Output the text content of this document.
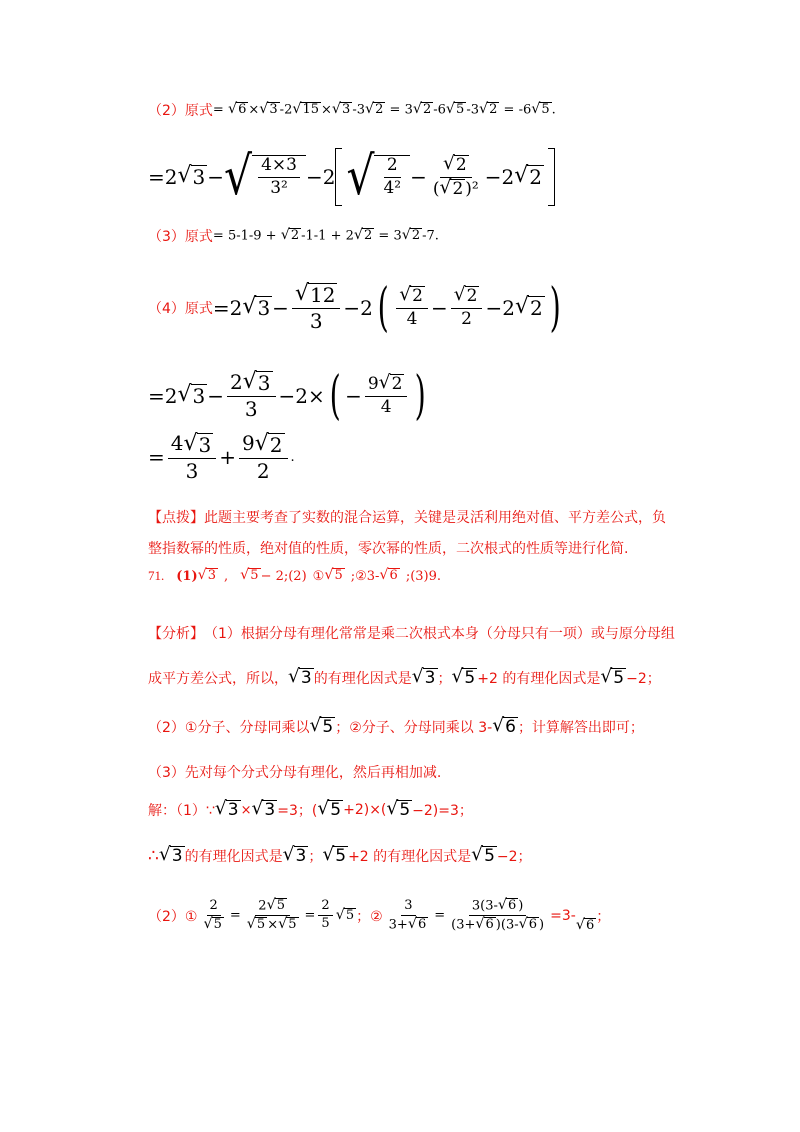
（2） 原式 = √ 6 × √ 3 -2 √ 15 × √ 3 -3 √ 2 = 3 √ 2 -6 √ 5 -3 √ 2 = -6 √ 5 .
=2 √ 3 − √ 4×3
3² −2 √ 2
$4^2 - \frac{√ 2}{\text{( √ 2 )²}} -2$ √ 2
（3） 原式 = 5-1-9 + √ 2 -1-1 + 2 √ 2 = 3 √ 2 -7.
（4） 原式 =2 √ $3 - \frac{√ 12}{3} -2$ ( √ 2
$4 - \frac{√ 2}{2} -2$ √ 2 )
=2 √ $3 - \frac{2 √ 3}{3} -2\times$ ( − $\frac{9 √ 2}{4}$ )
= $\frac{4 √ 3}{3} + \frac{9 √ 2}{2}$ .
【点拨】 此题主要考查了实数的混合运算，关键是灵活利用绝对值、平方差公式，负
整指数幂的性质，绝对值的性质，零次幂的性质，二次根式的性质等进行化简.
71. (1) √ 3 , √ 5 − 2 ;(2) ① √ 5 ;②3- √ 6 ;(3)9.
【分析】 （1）根据分母有理化常常是乘二次根式本身（分母只有一项）或与原分母组
成平方差公式，所以， √ 3 的有理化因式是 √ 3 ； √ 5 +2 的有理化因式是 √ 5 −2；
（2）①分子、分母同乘以 √ 5 ；②分子、分母同乘以 3- √ 6 ；计算解答出即可；
（3）先对每个分式分母有理化，然后再相加减.
解：（1）∵ √ 3 × √ 3 =3；( √ 5 +2)×( √ 5 −2)=3；
∴ √ 3 的有理化因式是 √ 3 ； √ 5 +2 的有理化因式是 √ 5 −2；
（2）① $\frac{2}{√ 5} = \frac{2 √ 5}{√ 5 \times √ 5} = \frac{2}{5}$ √ 5 ；② $\frac{3}{3+ √ 6} = \frac{3(3- √ 6 )}{(3+ √ 6 )(3- √ 6 )} =3-$
√ 6
；
